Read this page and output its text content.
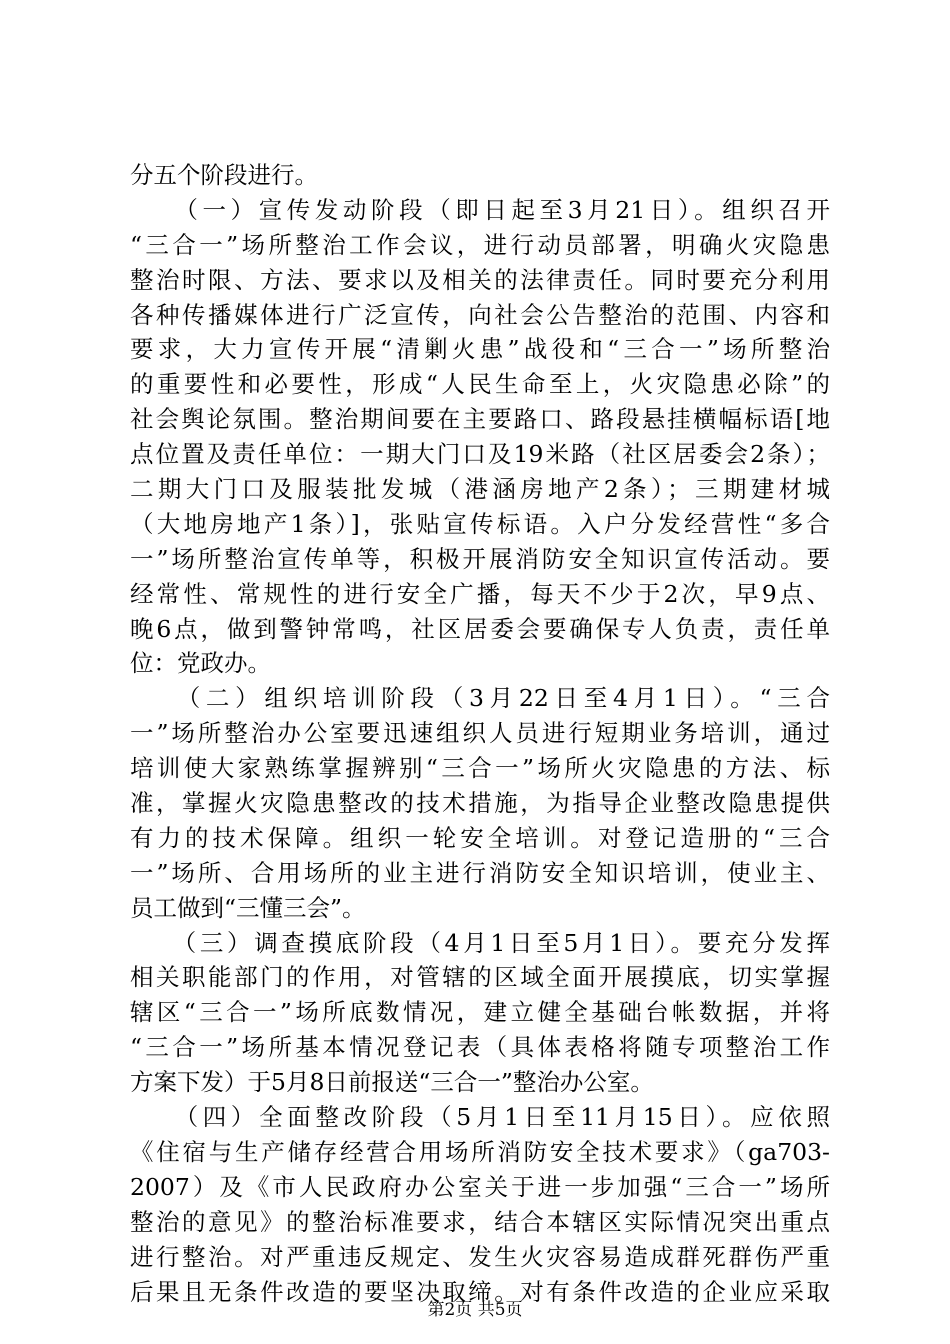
分五个阶段进行。
　　（一）宣传发动阶段（即日起至3月21日）。组织召开
“三合一”场所整治工作会议，进行动员部署，明确火灾隐患
整治时限、方法、要求以及相关的法律责任。同时要充分利用
各种传播媒体进行广泛宣传，向社会公告整治的范围、内容和
要求，大力宣传开展“清剿火患”战役和“三合一”场所整治
的重要性和必要性，形成“人民生命至上，火灾隐患必除”的
社会舆论氛围。整治期间要在主要路口、路段悬挂横幅标语[地
点位置及责任单位：一期大门口及19米路（社区居委会2条）；
二期大门口及服装批发城（港涵房地产2条）；三期建材城
（大地房地产1条）]，张贴宣传标语。入户分发经营性“多合
一”场所整治宣传单等，积极开展消防安全知识宣传活动。要
经常性、常规性的进行安全广播，每天不少于2次，早9点、
晚6点，做到警钟常鸣，社区居委会要确保专人负责，责任单
位：党政办。
　　（二）组织培训阶段（3月22日至4月1日）。“三合
一”场所整治办公室要迅速组织人员进行短期业务培训，通过
培训使大家熟练掌握辨别“三合一”场所火灾隐患的方法、标
准，掌握火灾隐患整改的技术措施，为指导企业整改隐患提供
有力的技术保障。组织一轮安全培训。对登记造册的“三合
一”场所、合用场所的业主进行消防安全知识培训，使业主、
员工做到“三懂三会”。
　　（三）调查摸底阶段（4月1日至5月1日）。要充分发挥
相关职能部门的作用，对管辖的区域全面开展摸底，切实掌握
辖区“三合一”场所底数情况，建立健全基础台帐数据，并将
“三合一”场所基本情况登记表（具体表格将随专项整治工作
方案下发）于5月8日前报送“三合一”整治办公室。
　　（四）全面整改阶段（5月1日至11月15日）。应依照
《住宿与生产储存经营合用场所消防安全技术要求》（ga703-
2007）及《市人民政府办公室关于进一步加强“三合一”场所
整治的意见》的整治标准要求，结合本辖区实际情况突出重点
进行整治。对严重违反规定、发生火灾容易造成群死群伤严重
后果且无条件改造的要坚决取缔。对有条件改造的企业应采取
第2页 共5页
